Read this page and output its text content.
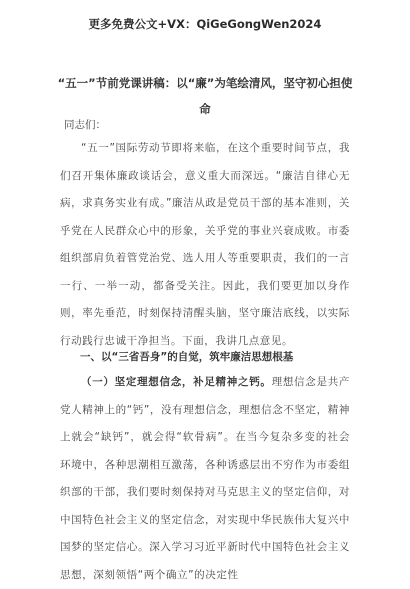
更多免费公文+VX：QiGeGongWen2024
“五一”节前党课讲稿：以“廉”为笔绘清风，坚守初心担使命
同志们：
“五一”国际劳动节即将来临，在这个重要时间节点，我们召开集体廉政谈话会，意义重大而深远。“廉洁自律心无病，求真务实业有成。”廉洁从政是党员干部的基本准则，关乎党在人民群众心中的形象，关乎党的事业兴衰成败。市委组织部肩负着管党治党、选人用人等重要职责，我们的一言一行、一举一动，都备受关注。因此，我们要更加以身作则，率先垂范，时刻保持清醒头脑，坚守廉洁底线，以实际行动践行忠诚干净担当。下面，我讲几点意见。
一、以“三省吾身”的自觉，筑牢廉洁思想根基
（一）坚定理想信念，补足精神之钙。理想信念是共产党人精神上的“钙”，没有理想信念，理想信念不坚定，精神上就会“缺钙”，就会得“软骨病”。在当今复杂多变的社会环境中，各种思潮相互激荡，各种诱惑层出不穷作为市委组织部的干部，我们要时刻保持对马克思主义的坚定信仰，对中国特色社会主义的坚定信念，对实现中华民族伟大复兴中国梦的坚定信心。深入学习习近平新时代中国特色社会主义思想，深刻领悟“两个确立”的决定性
